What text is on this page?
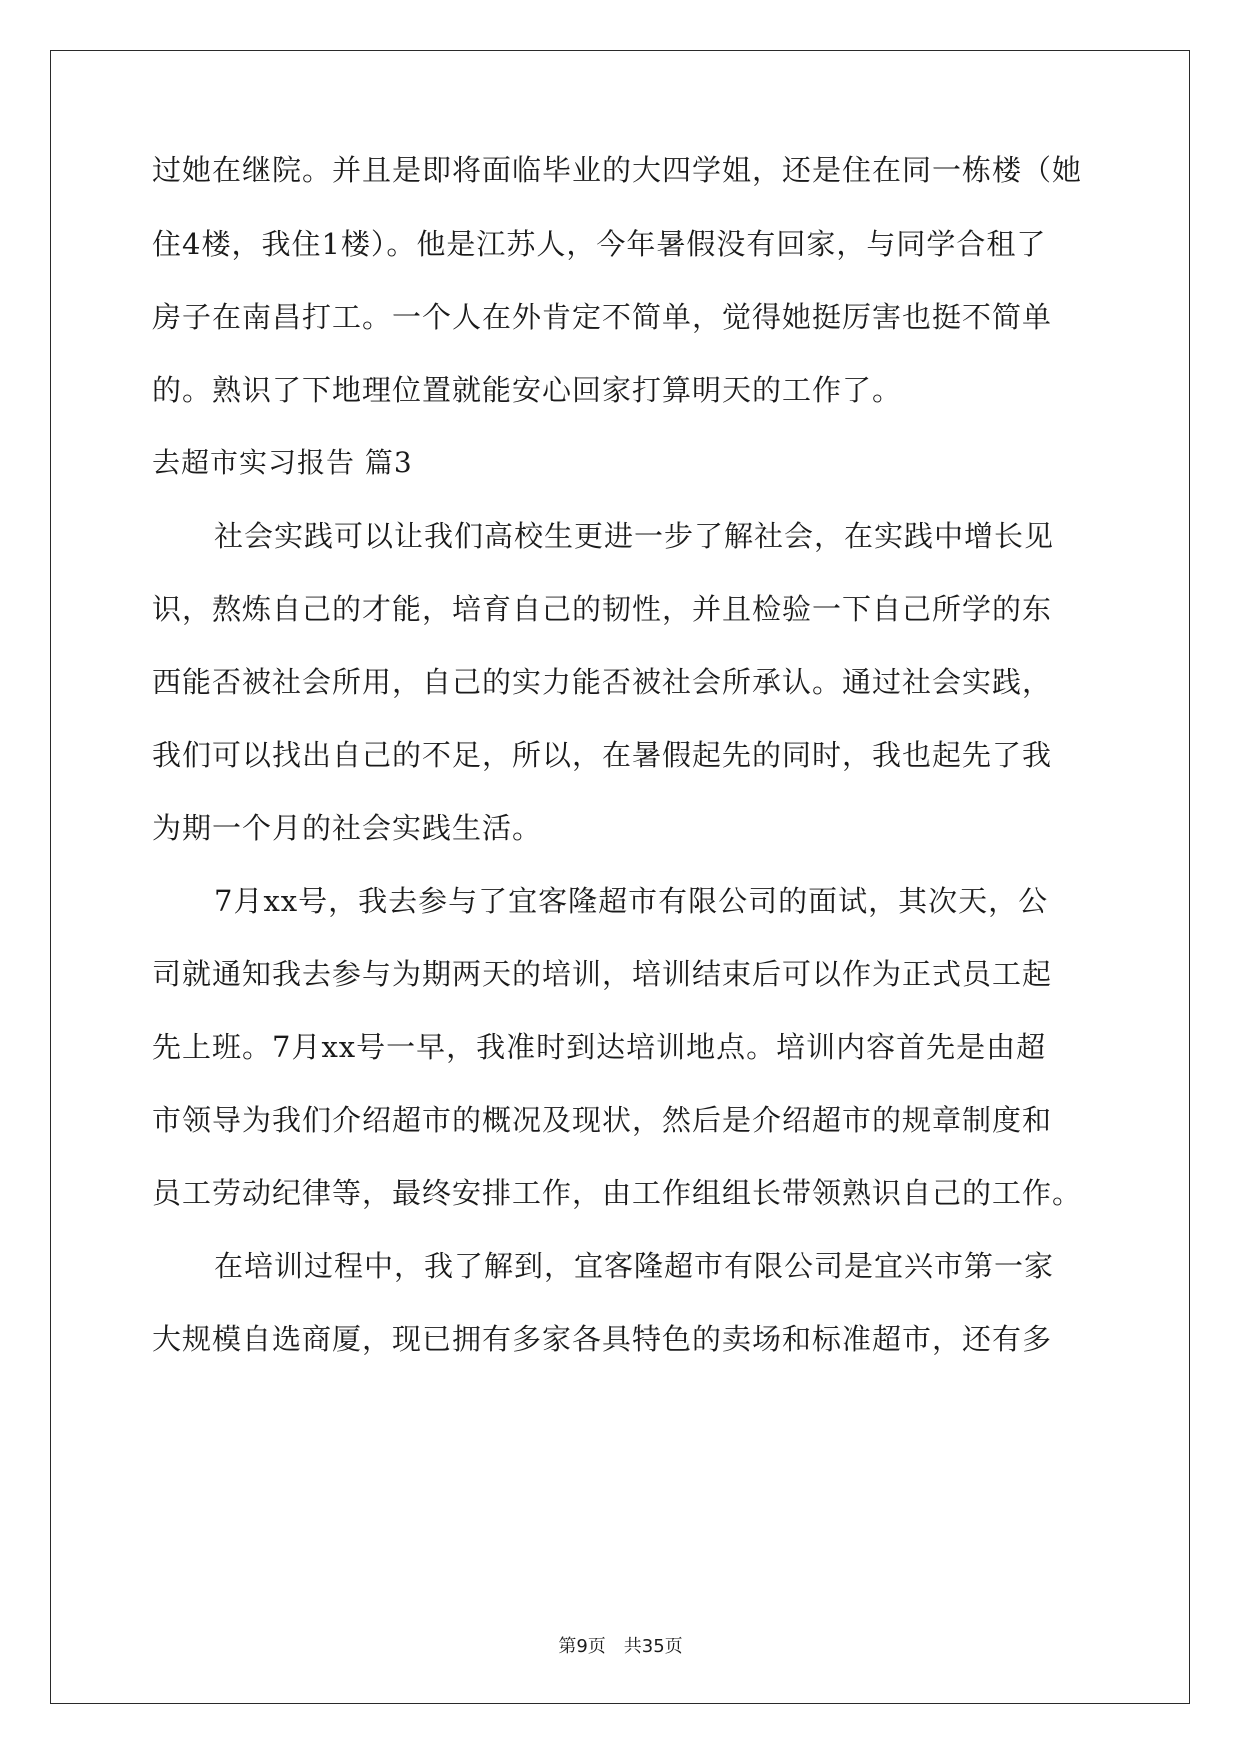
过她在继院。并且是即将面临毕业的大四学姐，还是住在同一栋楼（她
住4楼，我住1楼）。他是江苏人，今年暑假没有回家，与同学合租了
房子在南昌打工。一个人在外肯定不简单，觉得她挺厉害也挺不简单
的。熟识了下地理位置就能安心回家打算明天的工作了。
去超市实习报告 篇3
社会实践可以让我们高校生更进一步了解社会，在实践中增长见
识，熬炼自己的才能，培育自己的韧性，并且检验一下自己所学的东
西能否被社会所用，自己的实力能否被社会所承认。通过社会实践，
我们可以找出自己的不足，所以，在暑假起先的同时，我也起先了我
为期一个月的社会实践生活。
7月xx号，我去参与了宜客隆超市有限公司的面试，其次天，公
司就通知我去参与为期两天的培训，培训结束后可以作为正式员工起
先上班。7月xx号一早，我准时到达培训地点。培训内容首先是由超
市领导为我们介绍超市的概况及现状，然后是介绍超市的规章制度和
员工劳动纪律等，最终安排工作，由工作组组长带领熟识自己的工作。
在培训过程中，我了解到，宜客隆超市有限公司是宜兴市第一家
大规模自选商厦，现已拥有多家各具特色的卖场和标准超市，还有多
第9页 共35页
